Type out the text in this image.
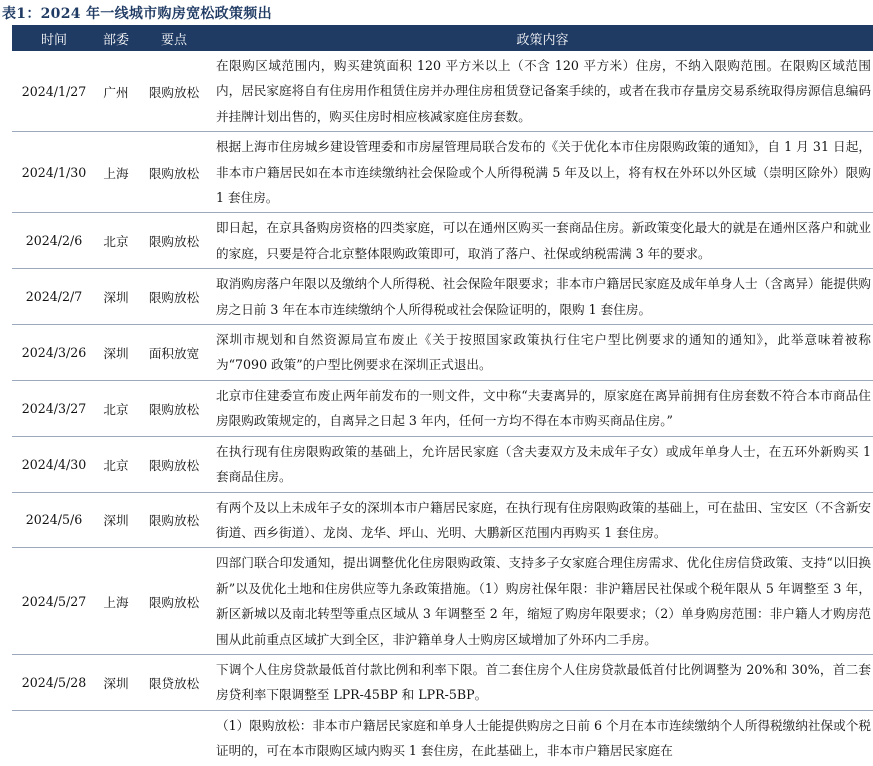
表1：2024 年一线城市购房宽松政策频出
时间	部委	要点	政策内容
2024/1/27	广州	限购放松	在限购区域范围内，购买建筑面积 120 平方米以上（不含 120 平方米）住房，不纳入限购范围。在限购区域范围内，居民家庭将自有住房用作租赁住房并办理住房租赁登记备案手续的，或者在我市存量房交易系统取得房源信息编码并挂牌计划出售的，购买住房时相应核减家庭住房套数。
2024/1/30	上海	限购放松	根据上海市住房城乡建设管理委和市房屋管理局联合发布的《关于优化本市住房限购政策的通知》，自 1 月 31 日起，非本市户籍居民如在本市连续缴纳社会保险或个人所得税满 5 年及以上，将有权在外环以外区域（崇明区除外）限购 1 套住房。
2024/2/6	北京	限购放松	即日起，在京具备购房资格的四类家庭，可以在通州区购买一套商品住房。新政策变化最大的就是在通州区落户和就业的家庭，只要是符合北京整体限购政策即可，取消了落户、社保或纳税需满 3 年的要求。
2024/2/7	深圳	限购放松	取消购房落户年限以及缴纳个人所得税、社会保险年限要求；非本市户籍居民家庭及成年单身人士（含离异）能提供购房之日前 3 年在本市连续缴纳个人所得税或社会保险证明的，限购 1 套住房。
2024/3/26	深圳	面积放宽	深圳市规划和自然资源局宣布废止《关于按照国家政策执行住宅户型比例要求的通知的通知》，此举意味着被称为“7090 政策”的户型比例要求在深圳正式退出。
2024/3/27	北京	限购放松	北京市住建委宣布废止两年前发布的一则文件，文中称“夫妻离异的，原家庭在离异前拥有住房套数不符合本市商品住房限购政策规定的，自离异之日起 3 年内，任何一方均不得在本市购买商品住房。”
2024/4/30	北京	限购放松	在执行现有住房限购政策的基础上，允许居民家庭（含夫妻双方及未成年子女）或成年单身人士，在五环外新购买 1 套商品住房。
2024/5/6	深圳	限购放松	有两个及以上未成年子女的深圳本市户籍居民家庭，在执行现有住房限购政策的基础上，可在盐田、宝安区（不含新安街道、西乡街道）、龙岗、龙华、坪山、光明、大鹏新区范围内再购买 1 套住房。
2024/5/27	上海	限购放松	四部门联合印发通知，提出调整优化住房限购政策、支持多子女家庭合理住房需求、优化住房信贷政策、支持“以旧换新”以及优化土地和住房供应等九条政策措施。（1）购房社保年限：非沪籍居民社保或个税年限从 5 年调整至 3 年，新区新城以及南北转型等重点区域从 3 年调整至 2 年，缩短了购房年限要求；（2）单身购房范围：非户籍人才购房范围从此前重点区域扩大到全区，非沪籍单身人士购房区域增加了外环内二手房。
2024/5/28	深圳	限贷放松	下调个人住房贷款最低首付款比例和利率下限。首二套住房个人住房贷款最低首付比例调整为 20%和 30%，首二套房贷利率下限调整至 LPR-45BP 和 LPR-5BP。
			（1）限购放松：非本市户籍居民家庭和单身人士能提供购房之日前 6 个月在本市连续缴纳个人所得税缴纳社保或个税证明的，可在本市限购区域内购买 1 套住房，在此基础上，非本市户籍居民家庭在
